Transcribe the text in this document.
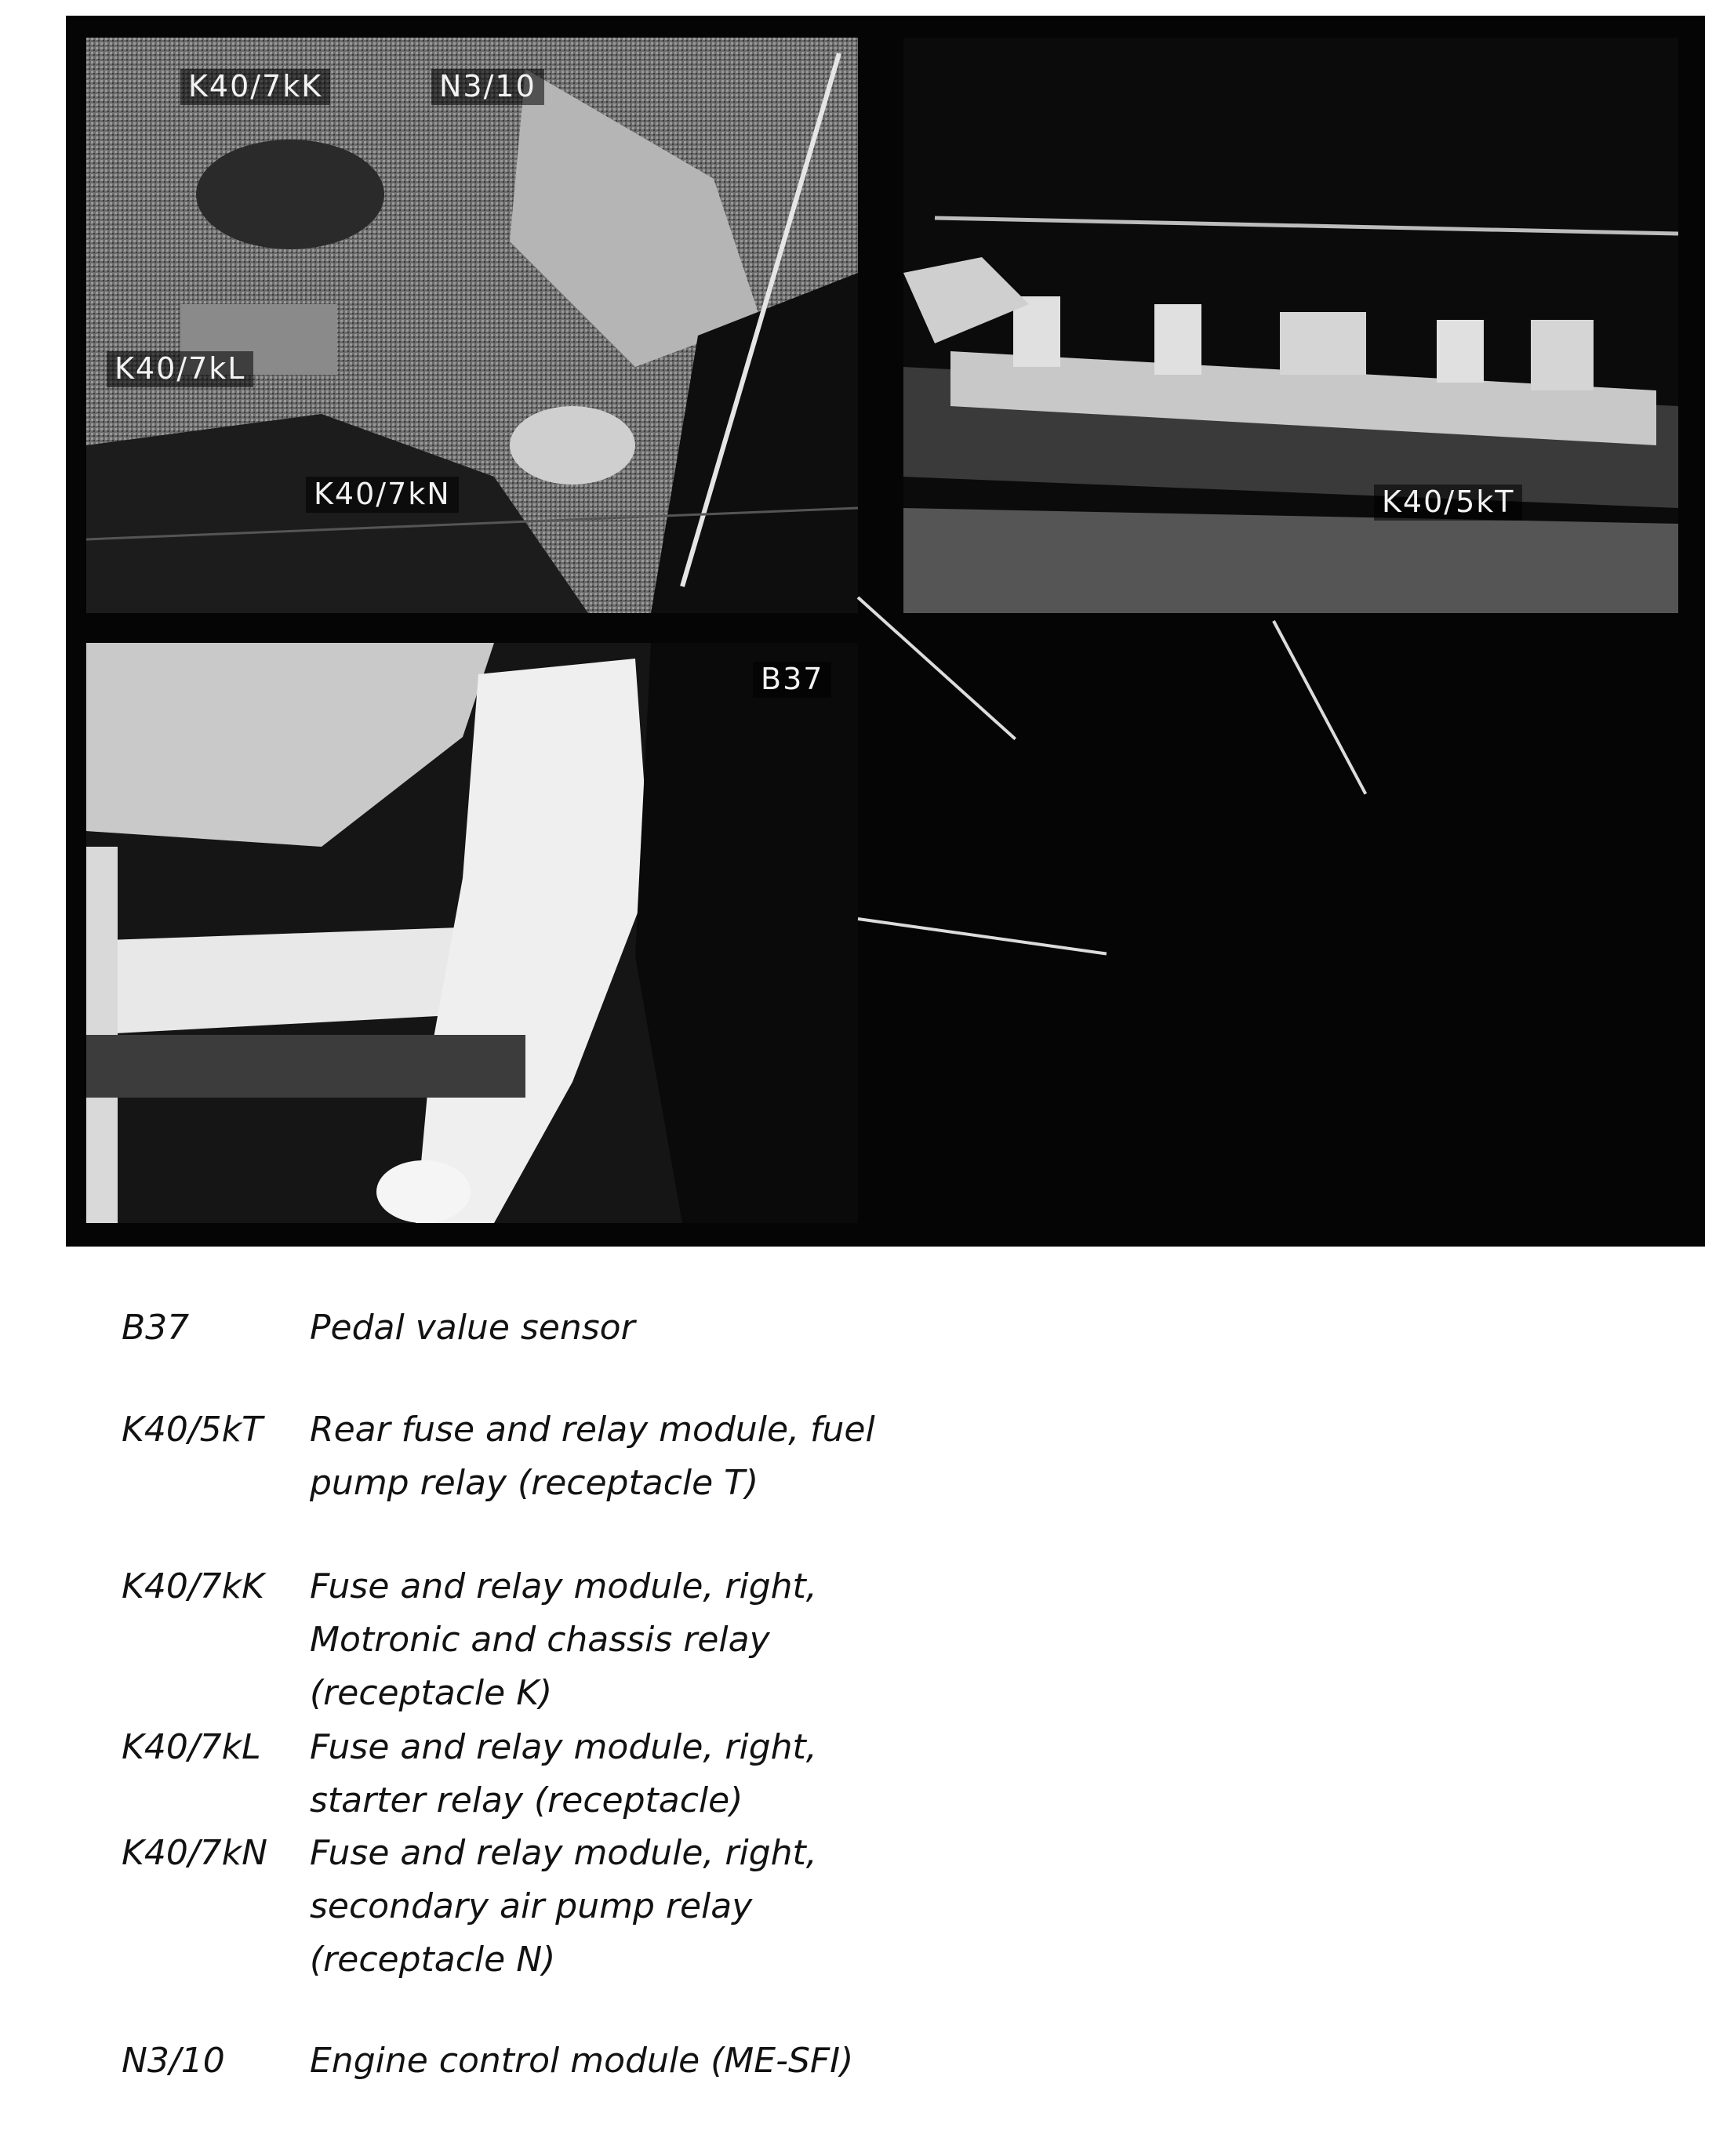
K40/7kK	N3/10
K40/7kL
K40/7kN	K40/5kT
B37
B37	Pedal value sensor
K40/5kT	Rear fuse and relay module, fuel
pump relay (receptacle T)
K40/7kK	Fuse and relay module, right,
Motronic and chassis relay
(receptacle K)
K40/7kL	Fuse and relay module, right,
starter relay (receptacle)
K40/7kN	Fuse and relay module, right,
secondary air pump relay
(receptacle N)
N3/10	Engine control module (ME-SFI)
